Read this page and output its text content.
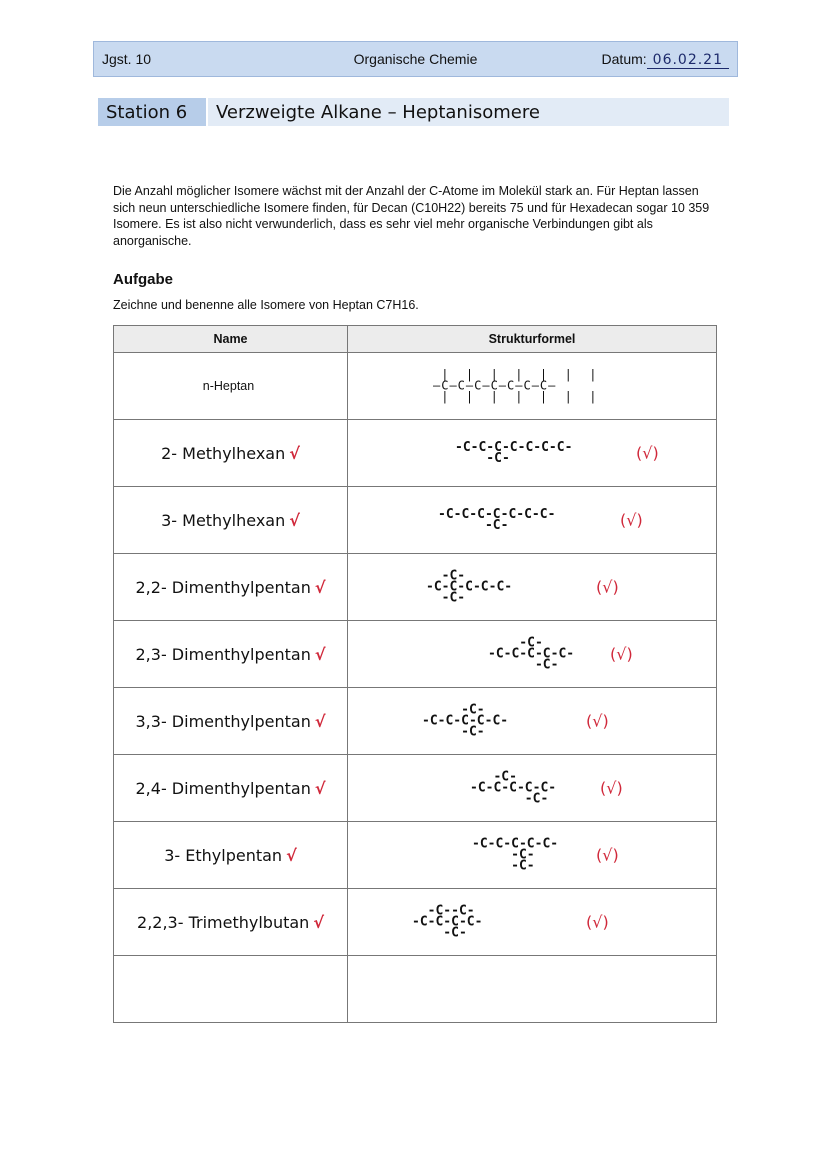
Jgst. 10	Organische Chemie	Datum: 06.02.21
Station 6	Verzweigte Alkane – Heptanisomere
Die Anzahl möglicher Isomere wächst mit der Anzahl der C-Atome im Molekül stark an. Für Heptan lassen sich neun unterschiedliche Isomere finden, für Decan (C10H22) bereits 75 und für Hexadecan sogar 10 359 Isomere. Es ist also nicht verwunderlich, dass es sehr viel mehr organische Verbindungen gibt als anorganische.
Aufgabe
Zeichne und benenne alle Isomere von Heptan C7H16.
Name	Strukturformel
n-Heptan	|  |  |  |  |  |  |
–C–C–C–C–C–C–C–
|  |  |  |  |  |  |

2- Methylhexan √	-C-C-C-C-C-C-C-
-C- (√)

3- Methylhexan √	-C-C-C-C-C-C-C-
-C- (√)

2,2- Dimenthylpentan √	-C-
-C-C-C-C-C-
-C-
(√)

2,3- Dimenthylpentan √	-C-
-C-C-C-C-C-
-C-
(√)

3,3- Dimenthylpentan √	-C-
-C-C-C-C-C-
-C-
(√)

2,4- Dimenthylpentan √	-C-
-C-C-C-C-C-
-C-
(√)

3- Ethylpentan √	-C-C-C-C-C-
-C-
-C-
(√)

2,2,3- Trimethylbutan √	-C--C-
-C-C-C-C-
-C-
(√)
